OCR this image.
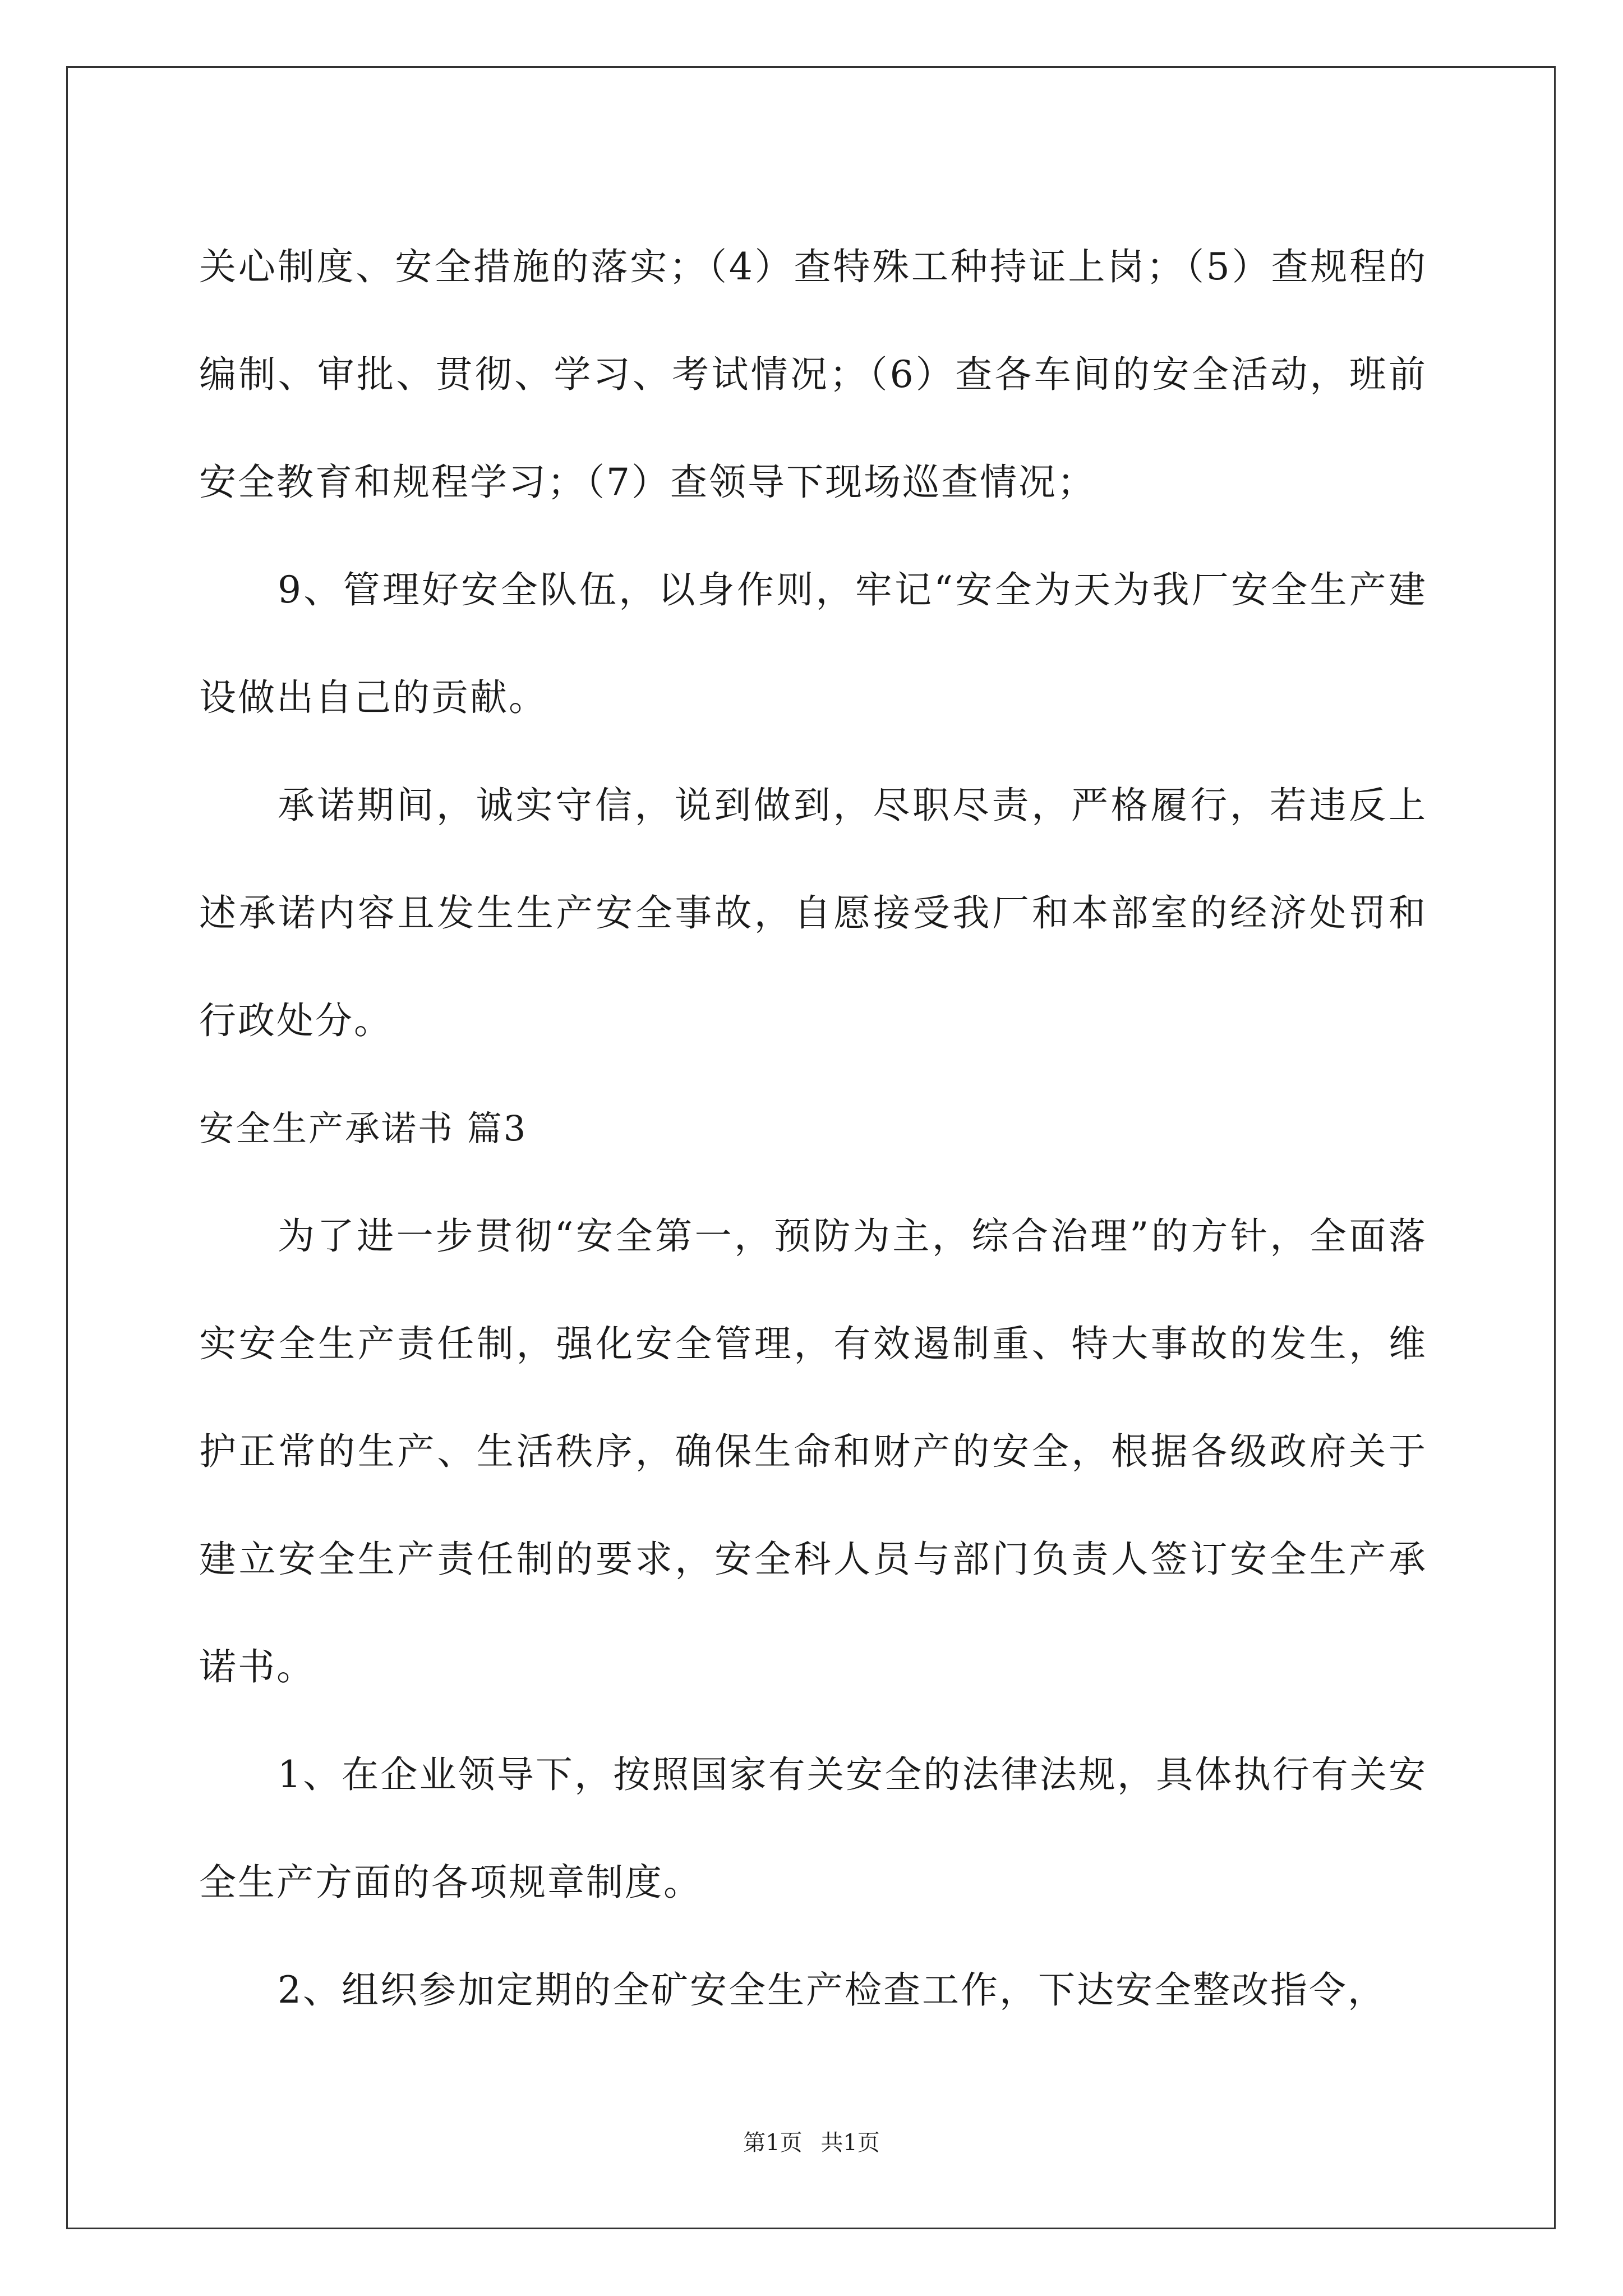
关心制度、安全措施的落实；（4）查特殊工种持证上岗；（5）查规程的编制、审批、贯彻、学习、考试情况；（6）查各车间的安全活动，班前安全教育和规程学习；（7）查领导下现场巡查情况；

9、管理好安全队伍，以身作则，牢记“安全为天为我厂安全生产建设做出自己的贡献。

承诺期间，诚实守信，说到做到，尽职尽责，严格履行，若违反上述承诺内容且发生生产安全事故，自愿接受我厂和本部室的经济处罚和行政处分。

安全生产承诺书 篇3

为了进一步贯彻“安全第一，预防为主，综合治理”的方针，全面落实安全生产责任制，强化安全管理，有效遏制重、特大事故的发生，维护正常的生产、生活秩序，确保生命和财产的安全，根据各级政府关于建立安全生产责任制的要求，安全科人员与部门负责人签订安全生产承诺书。

1、在企业领导下，按照国家有关安全的法律法规，具体执行有关安全生产方面的各项规章制度。

2、组织参加定期的全矿安全生产检查工作，下达安全整改指令，

第1页 共1页
